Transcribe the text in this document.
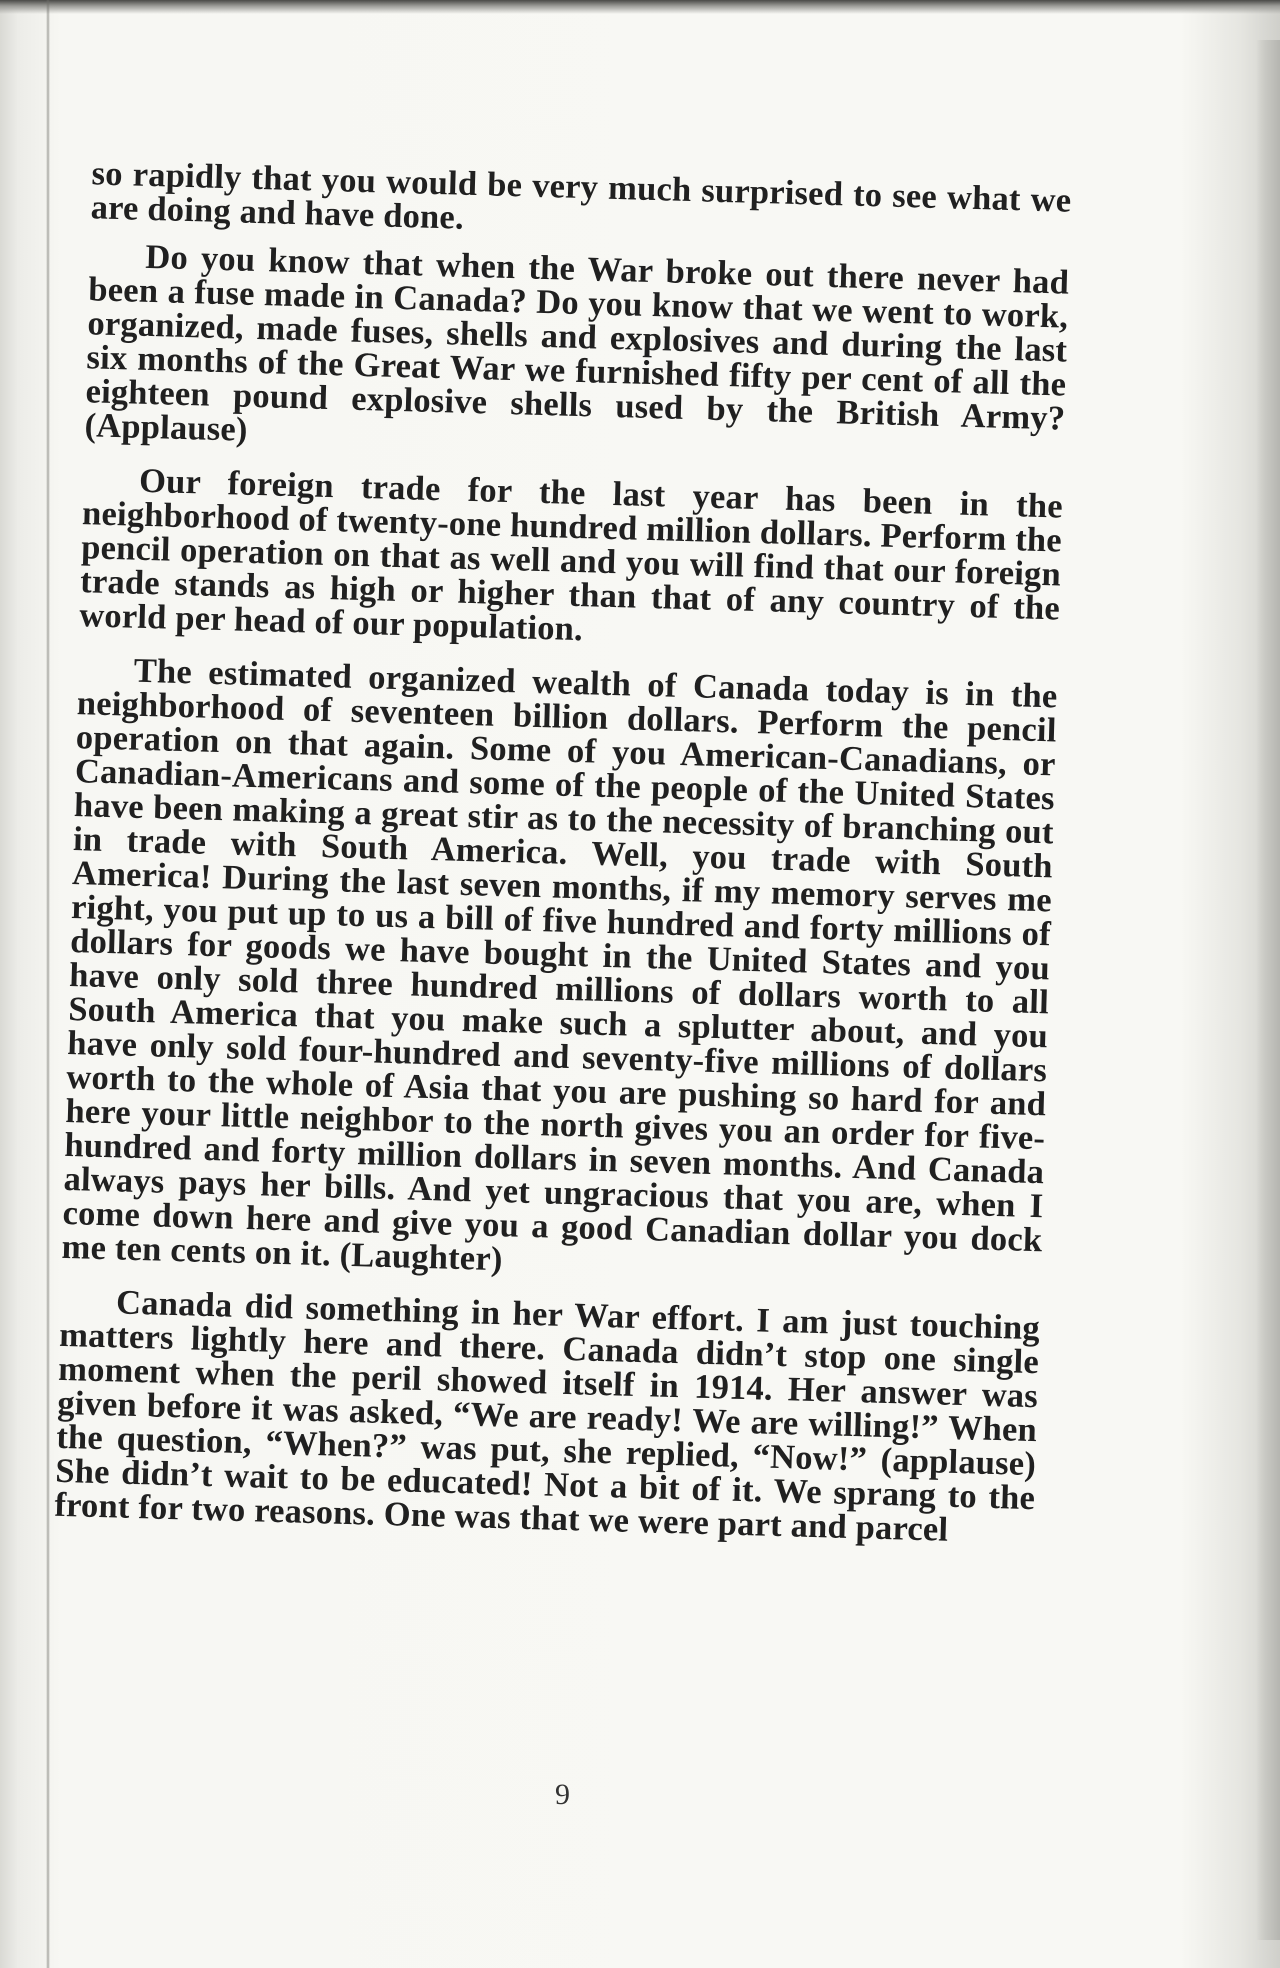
so rapidly that you would be very much surprised to see what we are doing and have done.

Do you know that when the War broke out there never had been a fuse made in Canada? Do you know that we went to work, organized, made fuses, shells and explosives and during the last six months of the Great War we furnished fifty per cent of all the eighteen pound explosive shells used by the British Army? (Applause)

Our foreign trade for the last year has been in the neighborhood of twenty-one hundred million dollars. Perform the pencil operation on that as well and you will find that our foreign trade stands as high or higher than that of any country of the world per head of our population.

The estimated organized wealth of Canada today is in the neighborhood of seventeen billion dollars. Perform the pencil operation on that again. Some of you American-Canadians, or Canadian-Americans and some of the people of the United States have been making a great stir as to the necessity of branching out in trade with South America. Well, you trade with South America! During the last seven months, if my memory serves me right, you put up to us a bill of five hundred and forty millions of dollars for goods we have bought in the United States and you have only sold three hundred millions of dollars worth to all South America that you make such a splutter about, and you have only sold four-hundred and seventy-five millions of dollars worth to the whole of Asia that you are pushing so hard for and here your little neighbor to the north gives you an order for five-hundred and forty million dollars in seven months. And Canada always pays her bills. And yet ungracious that you are, when I come down here and give you a good Canadian dollar you dock me ten cents on it. (Laughter)

Canada did something in her War effort. I am just touching matters lightly here and there. Canada didn’t stop one single moment when the peril showed itself in 1914. Her answer was given before it was asked, “We are ready! We are willing!” When the question, “When?” was put, she replied, “Now!” (applause) She didn’t wait to be educated! Not a bit of it. We sprang to the front for two reasons. One was that we were part and parcel

9
